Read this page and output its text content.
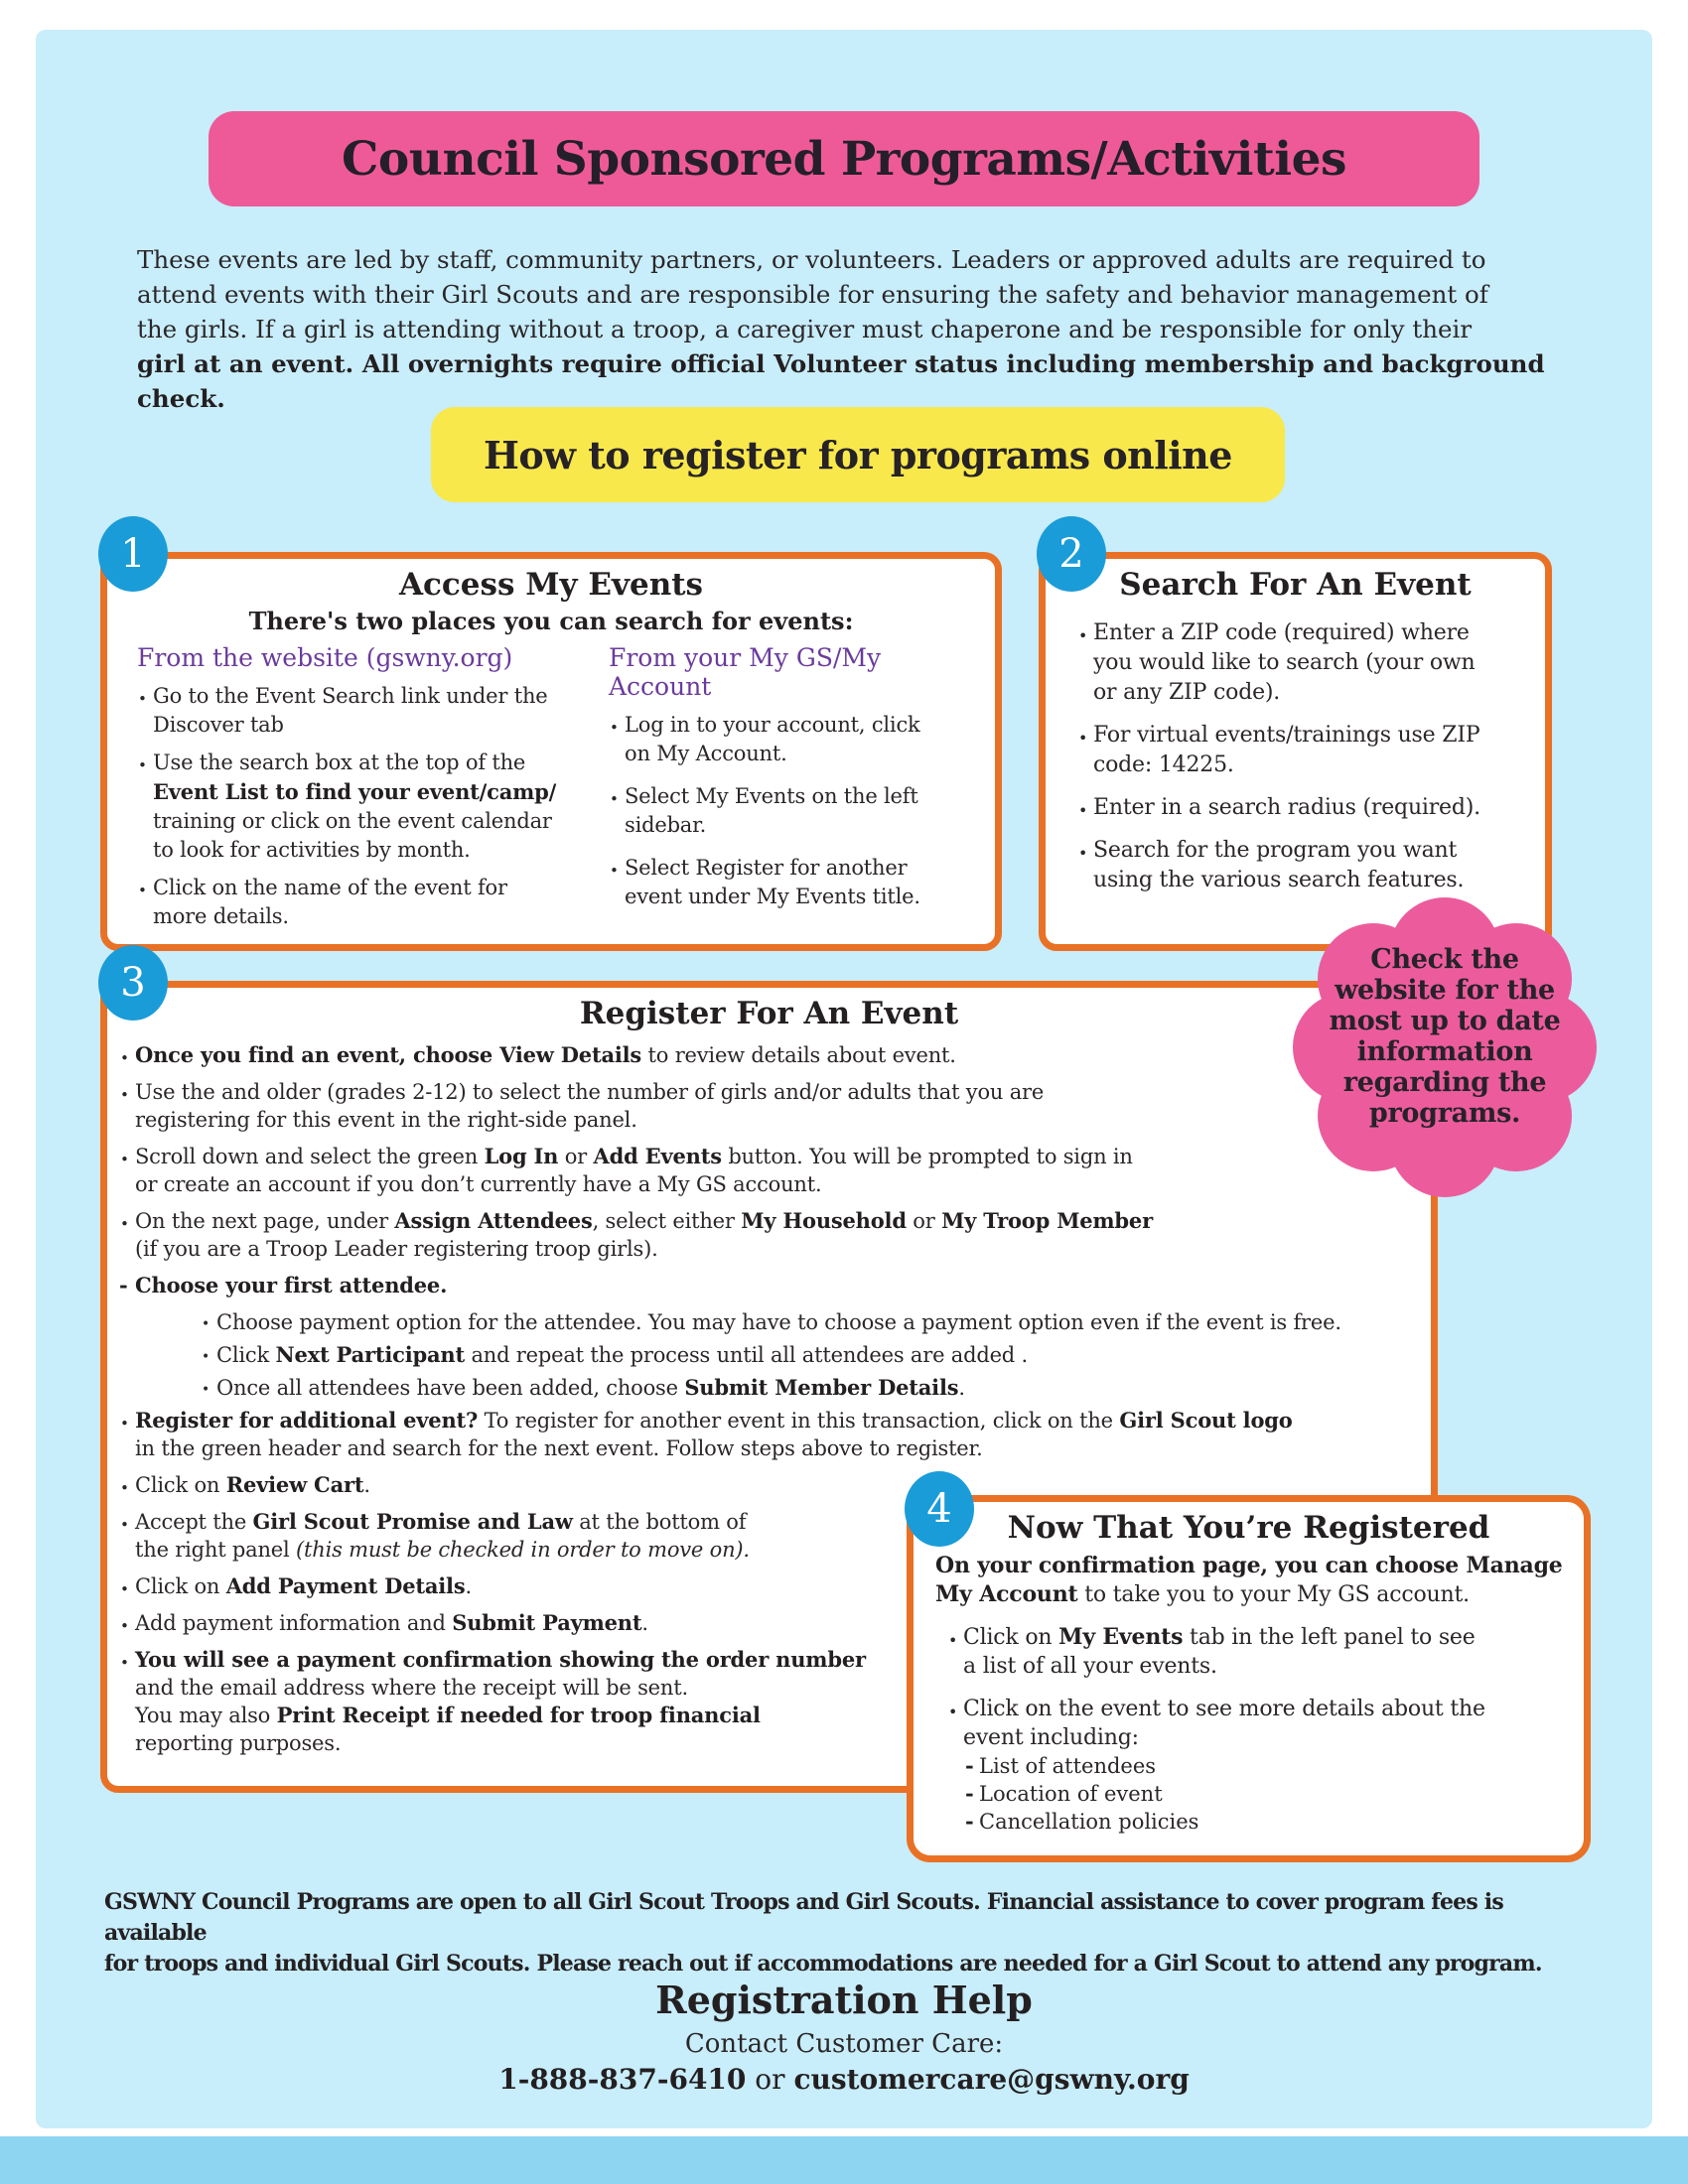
Council Sponsored Programs/Activities
These events are led by staff, community partners, or volunteers. Leaders or approved adults are required to
attend events with their Girl Scouts and are responsible for ensuring the safety and behavior management of
the girls. If a girl is attending without a troop, a caregiver must chaperone and be responsible for only their
girl at an event. All overnights require official Volunteer status including membership and background check.
How to register for programs online
Access My Events
There's two places you can search for events:
From the website (gswny.org)
• Go to the Event Search link under the
Discover tab
• Use the search box at the top of the
Event List to find your event/camp/
training or click on the event calendar
to look for activities by month.
• Click on the name of the event for
more details.
From your My GS/My Account
• Log in to your account, click
on My Account.
• Select My Events on the left
sidebar.
• Select Register for another
event under My Events title.
Search For An Event
• Enter a ZIP code (required) where
you would like to search (your own
or any ZIP code).
• For virtual events/trainings use ZIP
code: 14225.
• Enter in a search radius (required).
• Search for the program you want
using the various search features.
Register For An Event
• Once you find an event, choose View Details to review details about event.
• Use the and older (grades 2-12) to select the number of girls and/or adults that you are
registering for this event in the right-side panel.
• Scroll down and select the green Log In or Add Events button. You will be prompted to sign in
or create an account if you don’t currently have a My GS account.
• On the next page, under Assign Attendees, select either My Household or My Troop Member
(if you are a Troop Leader registering troop girls).
- Choose your first attendee.
• Choose payment option for the attendee. You may have to choose a payment option even if the event is free.
• Click Next Participant and repeat the process until all attendees are added .
• Once all attendees have been added, choose Submit Member Details.
• Register for additional event? To register for another event in this transaction, click on the Girl Scout logo
in the green header and search for the next event. Follow steps above to register.
• Click on Review Cart.
• Accept the Girl Scout Promise and Law at the bottom of
the right panel (this must be checked in order to move on).
• Click on Add Payment Details.
• Add payment information and Submit Payment.
• You will see a payment confirmation showing the order number
and the email address where the receipt will be sent.
You may also Print Receipt if needed for troop financial
reporting purposes.
Check the website for the most up to date information regarding the programs.
Now That You’re Registered
On your confirmation page, you can choose Manage
My Account to take you to your My GS account.
• Click on My Events tab in the left panel to see
a list of all your events.
• Click on the event to see more details about the
event including:
- List of attendees
- Location of event
- Cancellation policies
1	2
3
4
GSWNY Council Programs are open to all Girl Scout Troops and Girl Scouts. Financial assistance to cover program fees is available
for troops and individual Girl Scouts. Please reach out if accommodations are needed for a Girl Scout to attend any program.
Registration Help
Contact Customer Care:
1-888-837-6410 or customercare@gswny.org
